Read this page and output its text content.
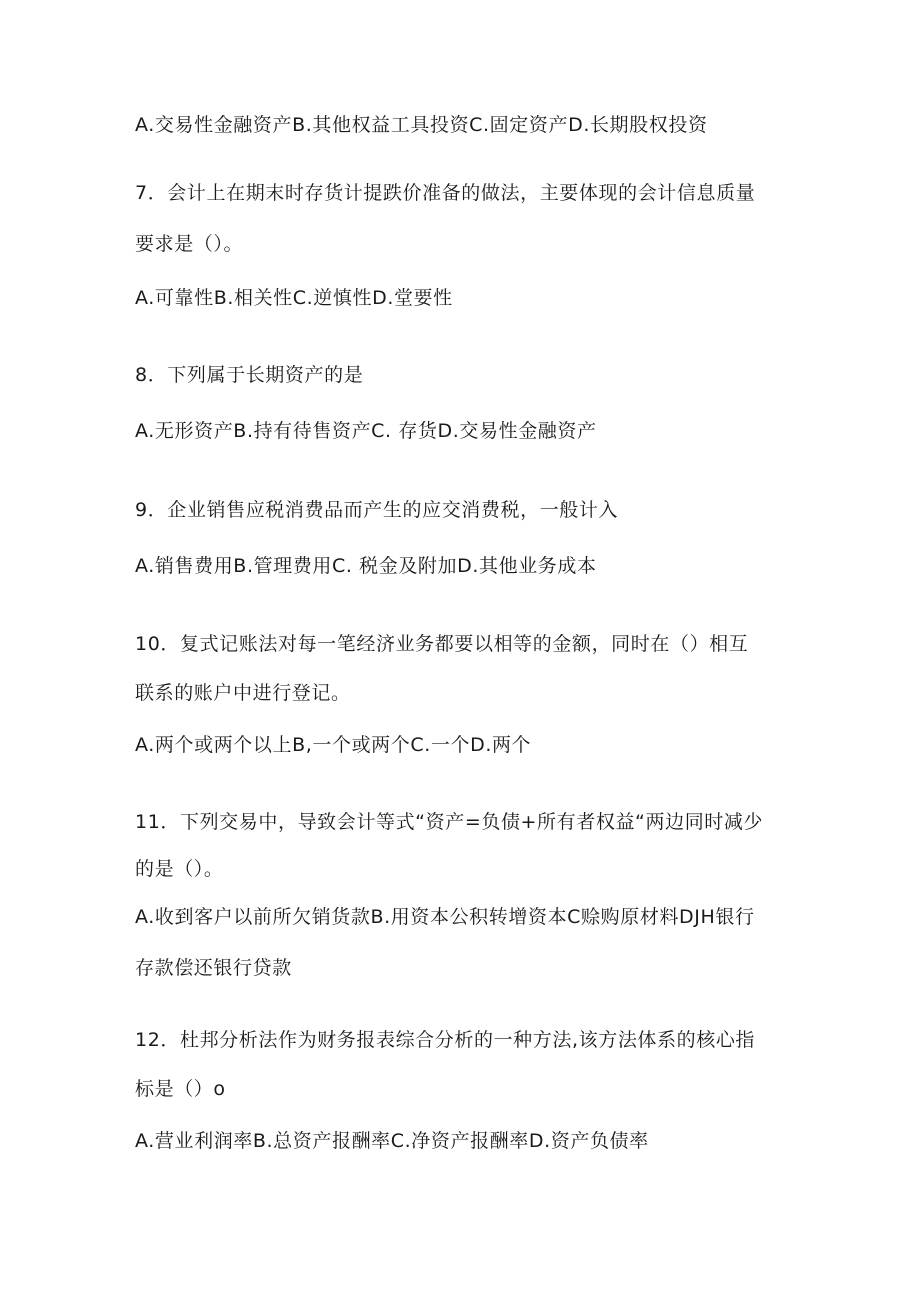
A.交易性金融资产B.其他权益工具投资C.固定资产D.长期股权投资
7．会计上在期末时存货计提跌价准备的做法，主要体现的会计信息质量
要求是（）。
A.可靠性B.相关性C.逆慎性D.堂要性
8．下列属于长期资产的是
A.无形资产B.持有待售资产C. 存货D.交易性金融资产
9．企业销售应税消费品而产生的应交消费税，一般计入
A.销售费用B.管理费用C. 税金及附加D.其他业务成本
10．复式记账法对每一笔经济业务都要以相等的金额，同时在（）相互
联系的账户中进行登记。
A.两个或两个以上B,一个或两个C.一个D.两个
11．下列交易中，导致会计等式“资产=负债+所有者权益“两边同时减少
的是（）。
A.收到客户以前所欠销货款B.用资本公积转增资本C赊购原材料DJH银行
存款偿还银行贷款
12．杜邦分析法作为财务报表综合分析的一种方法,该方法体系的核心指
标是（）o
A.营业利润率B.总资产报酬率C.净资产报酬率D.资产负债率
